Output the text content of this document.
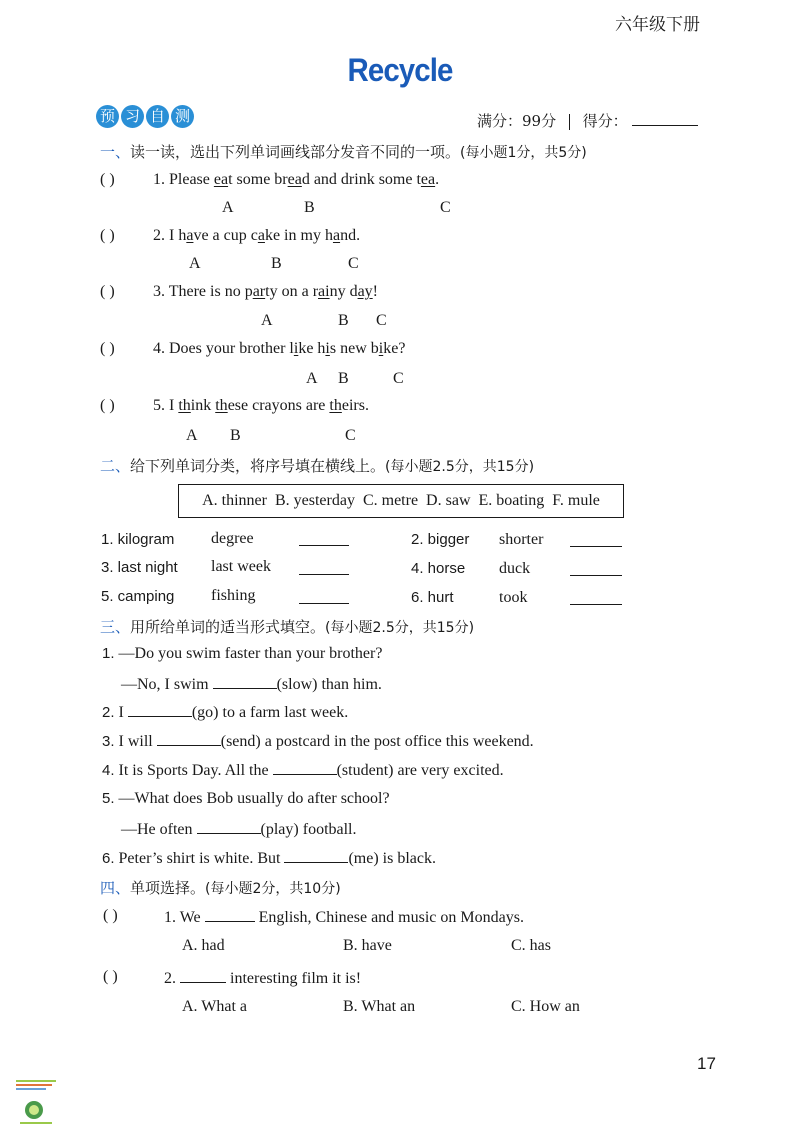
六年级下册
Recycle
预 习 自 测	满分：99分 得分：
一、读一读，选出下列单词画线部分发音不同的一项。(每小题1分，共5分)
( ) 1. Please eat some bread and drink some tea.
A	B	C
( ) 2. I have a cup cake in my hand.
A	B	C
( ) 3. There is no party on a rainy day!
A	B C
( ) 4. Does your brother like his new bike?
A B	C
( ) 5. I think these crayons are theirs.
A B	C
二、给下列单词分类，将序号填在横线上。(每小题2.5分，共15分)
A. thinner  B. yesterday  C. metre  D. saw  E. boating  F. mule
1. kilogram degree	2. bigger shorter
3. last night last week	4. horse duck
5. camping fishing	6. hurt	took
三、用所给单词的适当形式填空。(每小题2.5分，共15分)
1. —Do you swim faster than your brother?
—No, I swim	(slow) than him.
2. I	(go) to a farm last week.
3. I will	(send) a postcard in the post office this weekend.
4. It is Sports Day. All the	(student) are very excited.
5. —What does Bob usually do after school?
—He often	(play) football.
6. Peter’s shirt is white. But	(me) is black.
四、单项选择。(每小题2分，共10分)
( )	1. We	English, Chinese and music on Mondays.
A. had	B. have	C. has
( )	2.	interesting film it is!
A. What a	B. What an	C. How an
17
